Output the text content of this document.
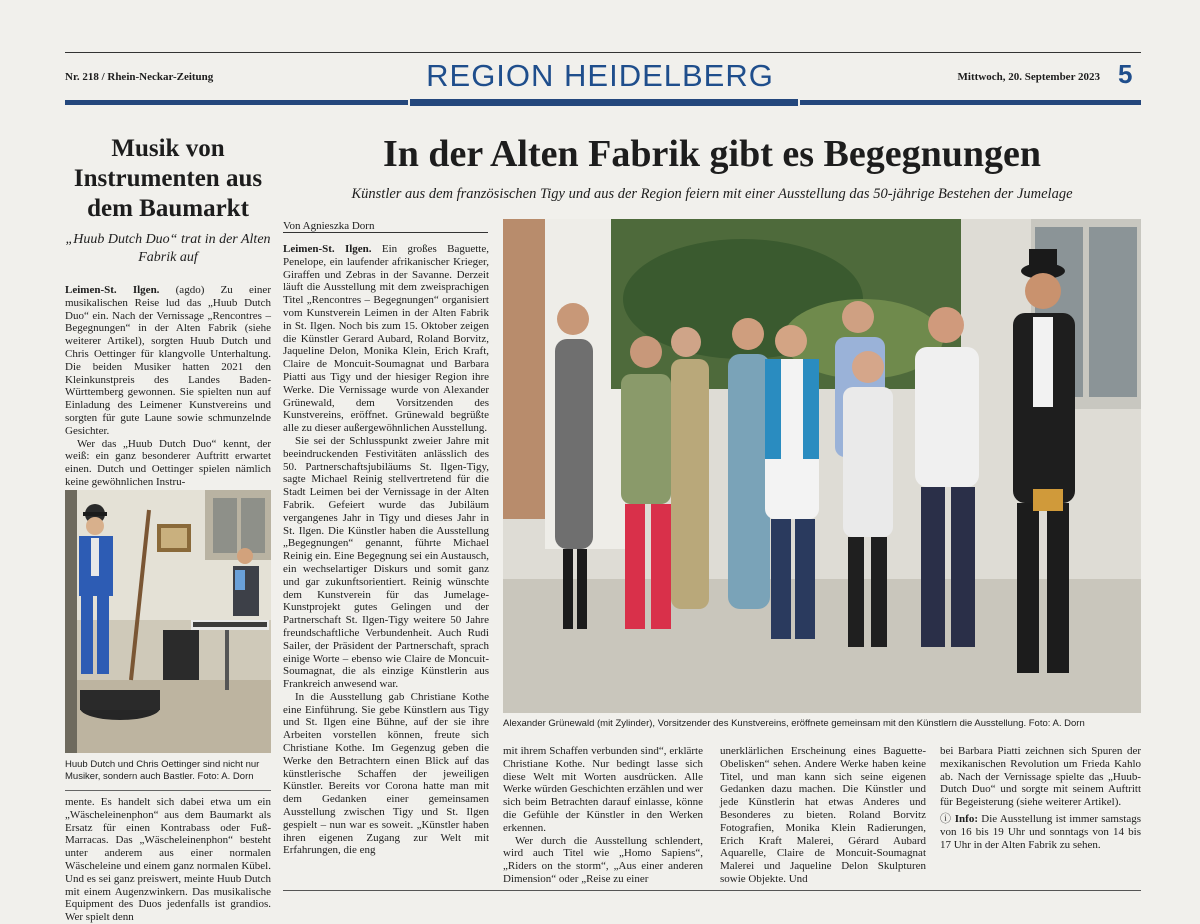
Nr. 218 / Rhein-Neckar-Zeitung	REGION HEIDELBERG	Mittwoch, 20. September 2023 5
Musik von Instrumenten aus dem Baumarkt
„Huub Dutch Duo“ trat in der Alten Fabrik auf

Leimen-St. Ilgen. (agdo) Zu einer musikalischen Reise lud das „Huub Dutch Duo“ ein. Nach der Vernissage „Rencontres – Begegnungen“ in der Alten Fabrik (siehe weiterer Artikel), sorgten Huub Dutch und Chris Oettinger für klangvolle Unterhaltung. Die beiden Musiker hatten 2021 den Kleinkunstpreis des Landes Baden-Württemberg gewonnen. Sie spielten nun auf Einladung des Leimener Kunstvereins und sorgten für gute Laune sowie schmunzelnde Gesichter.

Wer das „Huub Dutch Duo“ kennt, der weiß: ein ganz besonderer Auftritt erwartet einen. Dutch und Oettinger spielen nämlich keine gewöhnlichen Instru-

Huub Dutch und Chris Oettinger sind nicht nur Musiker, sondern auch Bastler. Foto: A. Dorn

mente. Es handelt sich dabei etwa um ein „Wäscheleinenphon“ aus dem Baumarkt als Ersatz für einen Kontrabass oder Fuß-Marracas. Das „Wäscheleinenphon“ besteht unter anderem aus einer normalen Wäscheleine und einem ganz normalen Kübel. Und es sei ganz preiswert, meinte Huub Dutch mit einem Augenzwinkern. Das musikalische Equipment des Duos jedenfalls ist grandios. Wer spielt denn

In der Alten Fabrik gibt es Begegnungen
Künstler aus dem französischen Tigy und aus der Region feiern mit einer Ausstellung das 50-jährige Bestehen der Jumelage
Von Agnieszka Dorn

Leimen-St. Ilgen. Ein großes Baguette, Penelope, ein laufender afrikanischer Krieger, Giraffen und Zebras in der Savanne. Derzeit läuft die Ausstellung mit dem zweisprachigen Titel „Rencontres – Begegnungen“ organisiert vom Kunstverein Leimen in der Alten Fabrik in St. Ilgen. Noch bis zum 15. Oktober zeigen die Künstler Gerard Aubard, Roland Borvitz, Jaqueline Delon, Monika Klein, Erich Kraft, Claire de Moncuit-Soumagnat und Barbara Piatti aus Tigy und der hiesiger Region ihre Werke. Die Vernissage wurde von Alexander Grünewald, dem Vorsitzenden des Kunstvereins, eröffnet. Grünewald begrüßte alle zu dieser außergewöhnlichen Ausstellung.

Sie sei der Schlusspunkt zweier Jahre mit beeindruckenden Festivitäten anlässlich des 50. Partnerschaftsjubiläums St. Ilgen-Tigy, sagte Michael Reinig stellvertretend für die Stadt Leimen bei der Vernissage in der Alten Fabrik. Gefeiert wurde das Jubiläum vergangenes Jahr in Tigy und dieses Jahr in St. Ilgen. Die Künstler haben die Ausstellung „Begegnungen“ genannt, führte Michael Reinig ein. Eine Begegnung sei ein Austausch, ein wechselartiger Diskurs und somit ganz und gar zukunftsorientiert. Reinig wünschte dem Kunstverein für das Jumelage-Kunstprojekt gutes Gelingen und der Partnerschaft St. Ilgen-Tigy weitere 50 Jahre freundschaftliche Verbundenheit. Auch Rudi Sailer, der Präsident der Partnerschaft, sprach einige Worte – ebenso wie Claire de Moncuit-Soumagnat, die als einzige Künstlerin aus Frankreich anwesend war.

In die Ausstellung gab Christiane Kothe eine Einführung. Sie gebe Künstlern aus Tigy und St. Ilgen eine Bühne, auf der sie ihre Arbeiten vorstellen können, freute sich Christiane Kothe. Im Gegenzug geben die Werke den Betrachtern einen Blick auf das künstlerische Schaffen der jeweiligen Künstler. Bereits vor Corona hatte man mit dem Gedanken einer gemeinsamen Ausstellung zwischen Tigy und St. Ilgen gespielt – nun war es soweit. „Künstler haben ihren eigenen Zugang zur Welt mit Erfahrungen, die eng

Alexander Grünewald (mit Zylinder), Vorsitzender des Kunstvereins, eröffnete gemeinsam mit den Künstlern die Ausstellung. Foto: A. Dorn

mit ihrem Schaffen verbunden sind“, erklärte Christiane Kothe. Nur bedingt lasse sich diese Welt mit Worten ausdrücken. Alle Werke würden Geschichten erzählen und wer sich beim Betrachten darauf einlasse, könne die Gefühle der Künstler in den Werken erkennen.

Wer durch die Ausstellung schlendert, wird auch Titel wie „Homo Sapiens“, „Riders on the storm“, „Aus einer anderen Dimension“ oder „Reise zu einer

unerklärlichen Erscheinung eines Baguette-Obelisken“ sehen. Andere Werke haben keine Titel, und man kann sich seine eigenen Gedanken dazu machen. Die Künstler und jede Künstlerin hat etwas Anderes und Besonderes zu bieten. Roland Borvitz Fotografien, Monika Klein Radierungen, Erich Kraft Malerei, Gérard Aubard Aquarelle, Claire de Moncuit-Soumagnat Malerei und Jaqueline Delon Skulpturen sowie Objekte. Und

bei Barbara Piatti zeichnen sich Spuren der mexikanischen Revolution um Frieda Kahlo ab. Nach der Vernissage spielte das „Huub-Dutch Duo“ und sorgte mit seinem Auftritt für Begeisterung (siehe weiterer Artikel).

ⓘ Info: Die Ausstellung ist immer samstags von 16 bis 19 Uhr und sonntags von 14 bis 17 Uhr in der Alten Fabrik zu sehen.
